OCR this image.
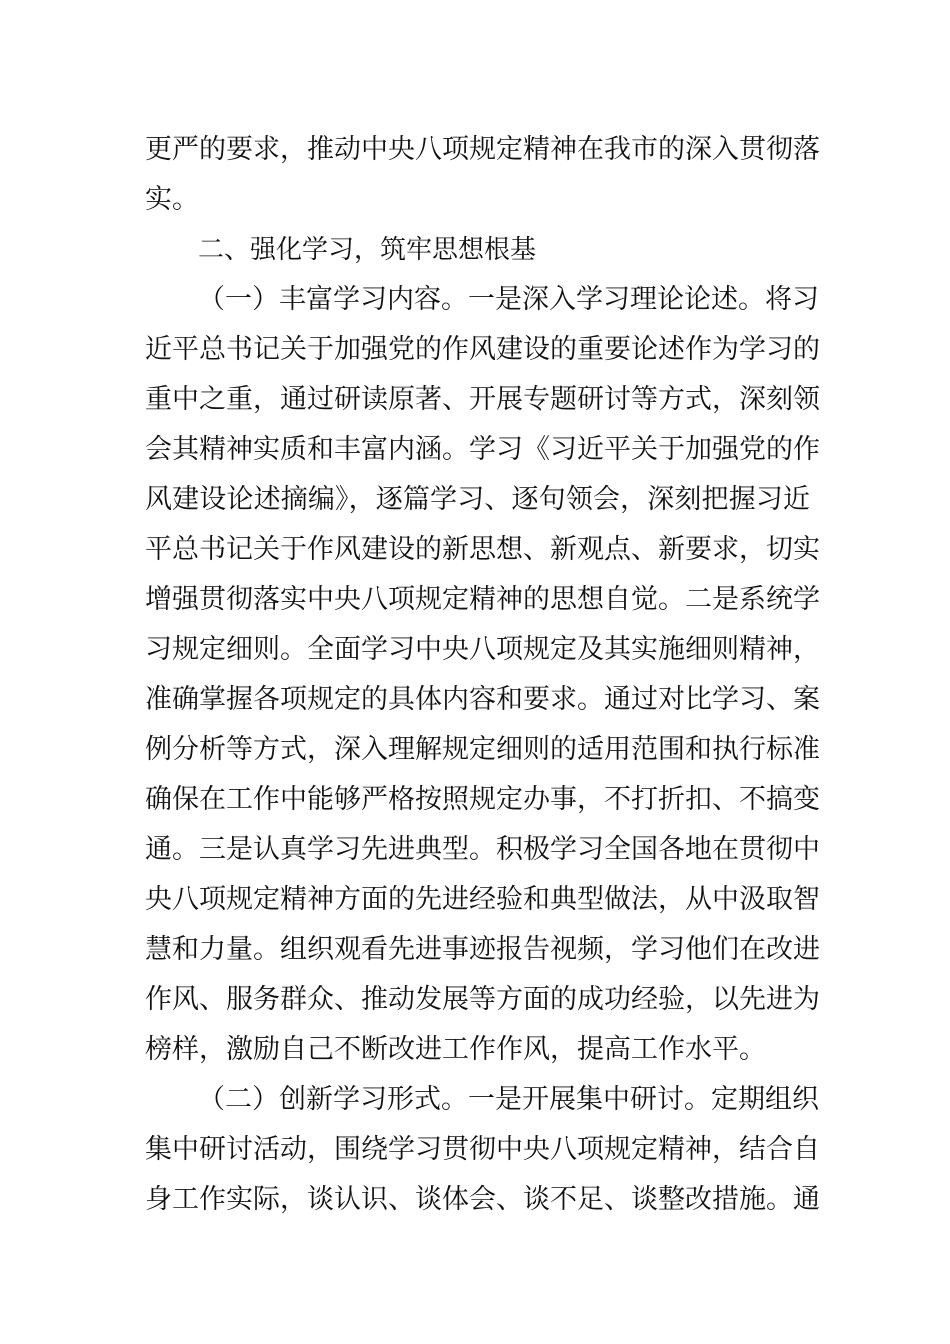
更严的要求，推动中央八项规定精神在我市的深入贯彻落

实。

二、强化学习，筑牢思想根基

（一）丰富学习内容。一是深入学习理论论述。将习

近平总书记关于加强党的作风建设的重要论述作为学习的

重中之重，通过研读原著、开展专题研讨等方式，深刻领

会其精神实质和丰富内涵。学习《习近平关于加强党的作

风建设论述摘编》，逐篇学习、逐句领会，深刻把握习近

平总书记关于作风建设的新思想、新观点、新要求，切实

增强贯彻落实中央八项规定精神的思想自觉。二是系统学

习规定细则。全面学习中央八项规定及其实施细则精神，

准确掌握各项规定的具体内容和要求。通过对比学习、案

例分析等方式，深入理解规定细则的适用范围和执行标准

确保在工作中能够严格按照规定办事，不打折扣、不搞变

通。三是认真学习先进典型。积极学习全国各地在贯彻中

央八项规定精神方面的先进经验和典型做法，从中汲取智

慧和力量。组织观看先进事迹报告视频，学习他们在改进

作风、服务群众、推动发展等方面的成功经验，以先进为

榜样，激励自己不断改进工作作风，提高工作水平。

（二）创新学习形式。一是开展集中研讨。定期组织

集中研讨活动，围绕学习贯彻中央八项规定精神，结合自

身工作实际，谈认识、谈体会、谈不足、谈整改措施。通
